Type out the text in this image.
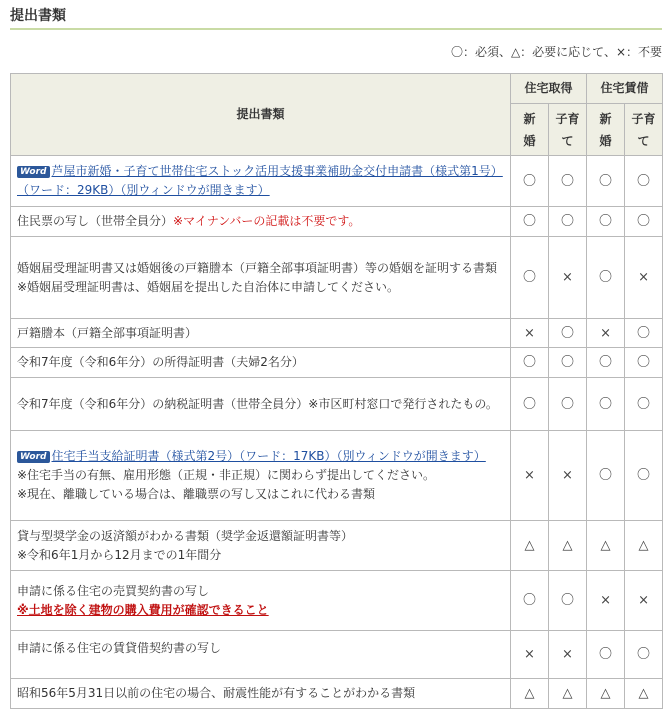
提出書類
〇：必須、△：必要に応じて、×：不要
提出書類	住宅取得		住宅賃借	

	新婚	子育て	新婚	子育て

Word 芦屋市新婚・子育て世帯住宅ストック活用支援事業補助金交付申請書（様式第1号）（ワード：29KB）（別ウィンドウが開きます）	〇	〇	〇	〇
住民票の写し（世帯全員分）※マイナンバーの記載は不要です。	〇	〇	〇	〇

婚姻届受理証明書又は婚姻後の戸籍謄本（戸籍全部事項証明書）等の婚姻を証明する書類
※婚姻届受理証明書は、婚姻届を提出した自治体に申請してください。	〇	×	〇	×
戸籍謄本（戸籍全部事項証明書）	×	〇	×	〇
令和7年度（令和6年分）の所得証明書（夫婦2名分）	〇	〇	〇	〇
令和7年度（令和6年分）の納税証明書（世帯全員分）※市区町村窓口で発行されたもの。	〇	〇	〇	〇

Word 住宅手当支給証明書（様式第2号）（ワード：17KB）（別ウィンドウが開きます）
※住宅手当の有無、雇用形態（正規・非正規）に関わらず提出してください。
※現在、離職している場合は、離職票の写し又はこれに代わる書類	×	×	〇	〇

貸与型奨学金の返済額がわかる書類（奨学金返還額証明書等）
※令和6年1月から12月までの1年間分	△	△	△	△

申請に係る住宅の売買契約書の写し
※土地を除く建物の購入費用が確認できること	〇	〇	×	×
申請に係る住宅の賃貸借契約書の写し	×	×	〇	〇
昭和56年5月31日以前の住宅の場合、耐震性能が有することがわかる書類	△	△	△	△
